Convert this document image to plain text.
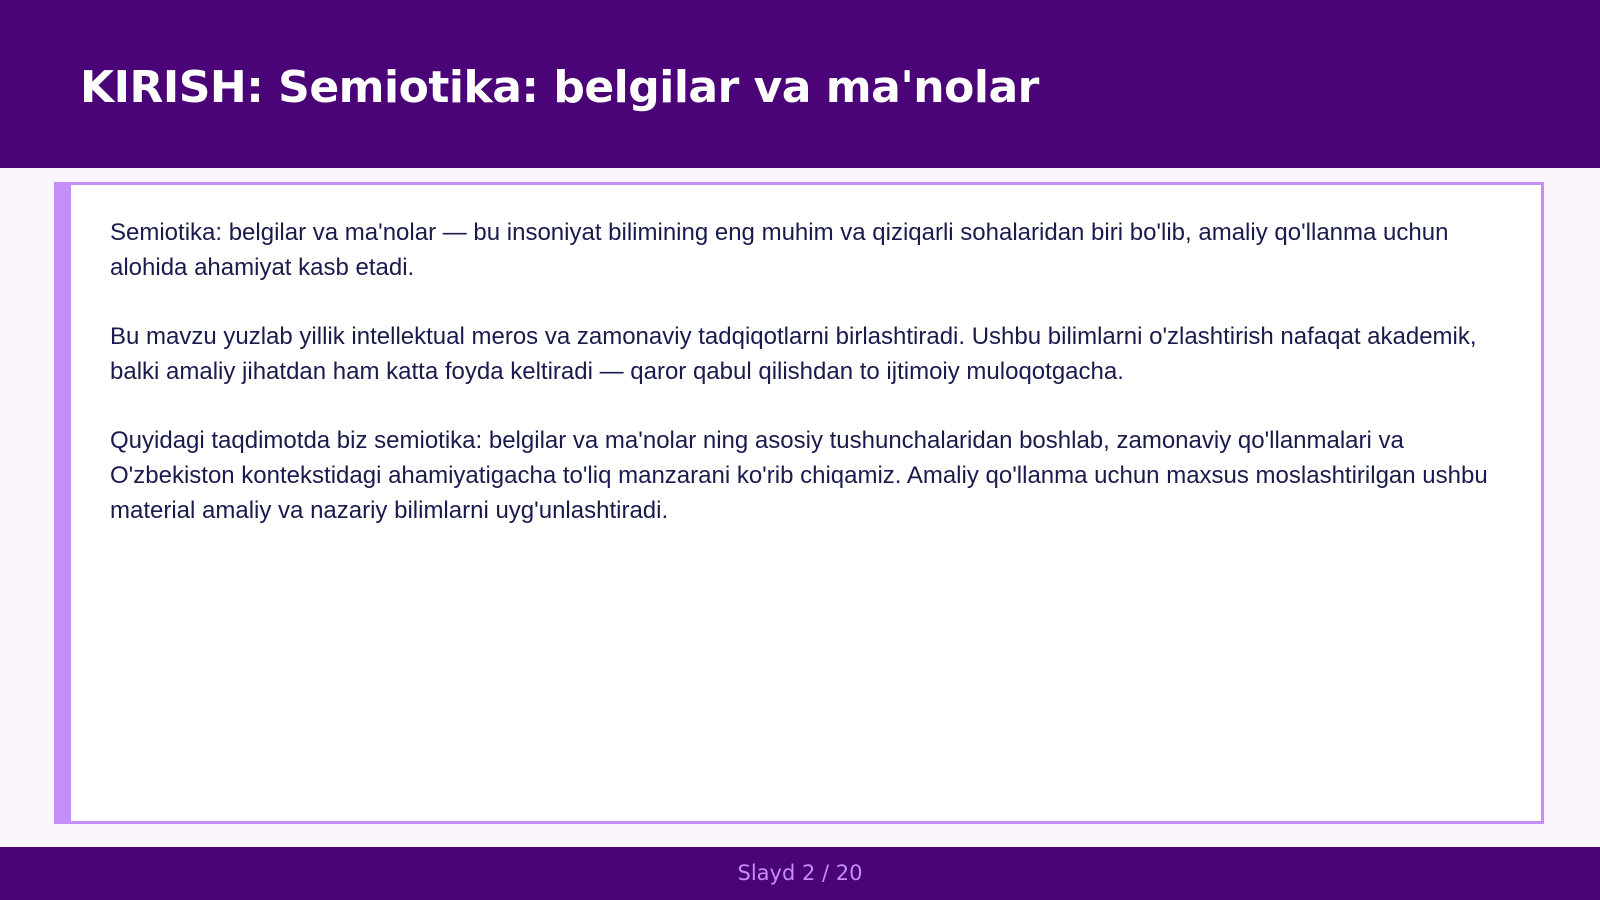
KIRISH: Semiotika: belgilar va ma'nolar

Semiotika: belgilar va ma'nolar — bu insoniyat bilimining eng muhim va qiziqarli sohalaridan biri bo'lib, amaliy qo'llanma uchun alohida ahamiyat kasb etadi.

Bu mavzu yuzlab yillik intellektual meros va zamonaviy tadqiqotlarni birlashtiradi. Ushbu bilimlarni o'zlashtirish nafaqat akademik, balki amaliy jihatdan ham katta foyda keltiradi — qaror qabul qilishdan to ijtimoiy muloqotgacha.

Quyidagi taqdimotda biz semiotika: belgilar va ma'nolar ning asosiy tushunchalaridan boshlab, zamonaviy qo'llanmalari va O'zbekiston kontekstidagi ahamiyatigacha to'liq manzarani ko'rib chiqamiz. Amaliy qo'llanma uchun maxsus moslashtirilgan ushbu material amaliy va nazariy bilimlarni uyg'unlashtiradi.

Slayd 2 / 20
